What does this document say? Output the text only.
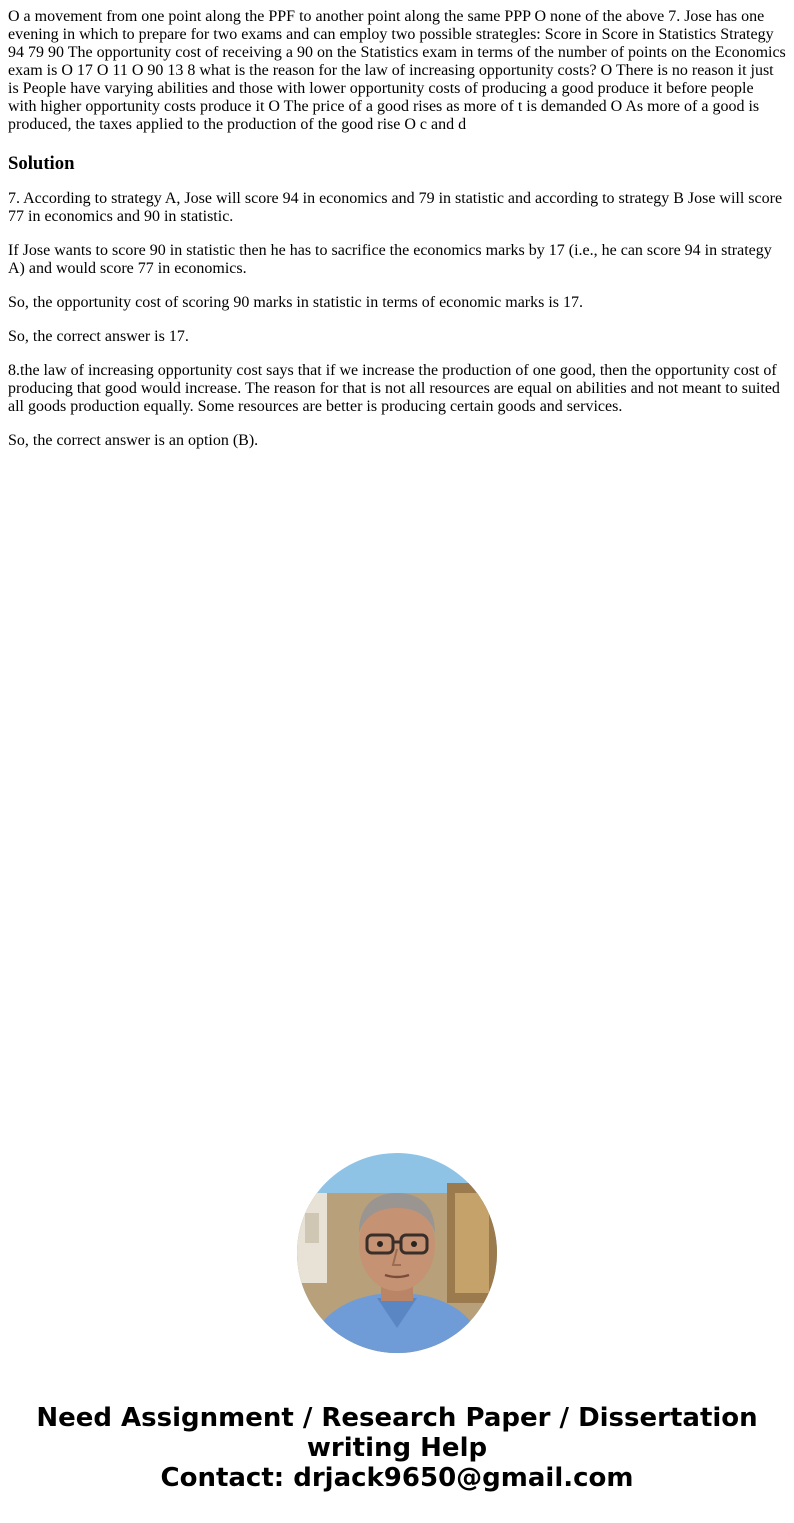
O a movement from one point along the PPF to another point along the same PPP O none of the above 7. Jose has one evening in which to prepare for two exams and can employ two possible strategles: Score in Score in Statistics Strategy 94 79 90 The opportunity cost of receiving a 90 on the Statistics exam in terms of the number of points on the Economics exam is O 17 O 11 O 90 13 8 what is the reason for the law of increasing opportunity costs? O There is no reason it just is People have varying abilities and those with lower opportunity costs of producing a good produce it before people with higher opportunity costs produce it O The price of a good rises as more of t is demanded O As more of a good is produced, the taxes applied to the production of the good rise O c and d

Solution

7. According to strategy A, Jose will score 94 in economics and 79 in statistic and according to strategy B Jose will score 77 in economics and 90 in statistic.

If Jose wants to score 90 in statistic then he has to sacrifice the economics marks by 17 (i.e., he can score 94 in strategy A) and would score 77 in economics.

So, the opportunity cost of scoring 90 marks in statistic in terms of economic marks is 17.

So, the correct answer is 17.

8.the law of increasing opportunity cost says that if we increase the production of one good, then the opportunity cost of producing that good would increase. The reason for that is not all resources are equal on abilities and not meant to suited all goods production equally. Some resources are better is producing certain goods and services.

So, the correct answer is an option (B).

Need Assignment / Research Paper / Dissertation
writing Help
Contact: drjack9650@gmail.com
